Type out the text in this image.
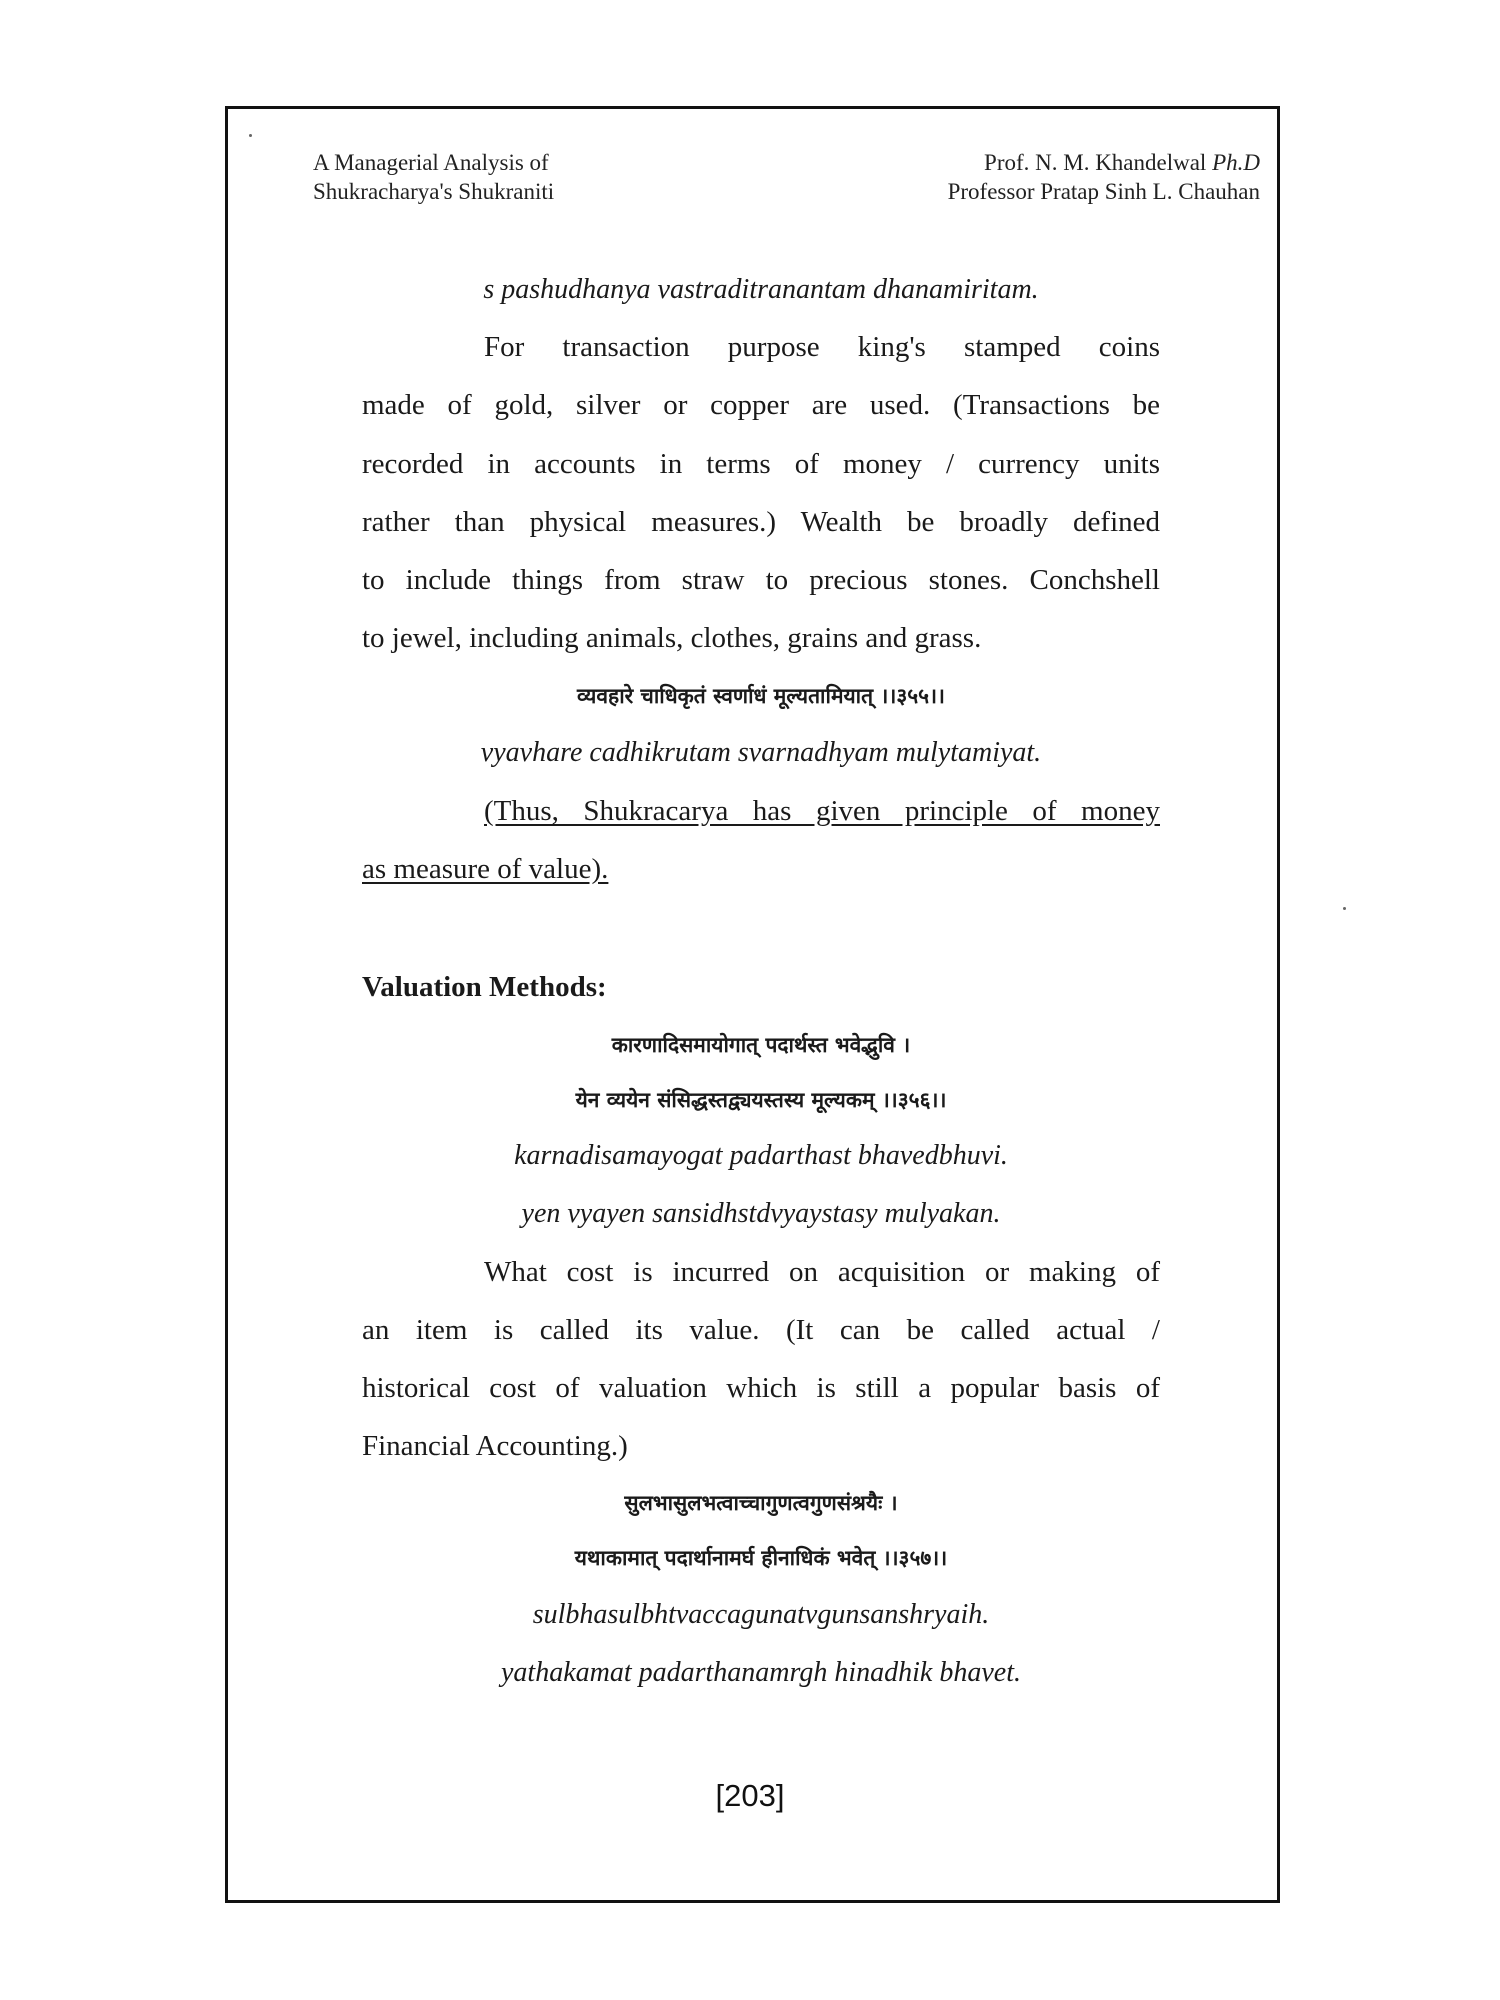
A Managerial Analysis of
Shukracharya's Shukraniti
Prof. N. M. Khandelwal Ph.D
Professor Pratap Sinh L. Chauhan
s pashudhanya vastraditranantam dhanamiritam.
For transaction purpose king's stamped coins
made of gold, silver or copper are used. (Transactions be
recorded in accounts in terms of money / currency units
rather than physical measures.) Wealth be broadly defined
to include things from straw to precious stones. Conchshell
to jewel, including animals, clothes, grains and grass.
व्यवहारे चाधिकृतं स्वर्णाधं मूल्यतामियात् ।।३५५।।
vyavhare cadhikrutam svarnadhyam mulytamiyat.
(Thus, Shukracarya has given principle of money
as measure of value).
Valuation Methods:
कारणादिसमायोगात् पदार्थस्त भवेद्भुवि ।
येन व्ययेन संसिद्धस्तद्व्ययस्तस्य मूल्यकम् ।।३५६।।
karnadisamayogat padarthast bhavedbhuvi.
yen vyayen sansidhstdvyaystasy mulyakan.
What cost is incurred on acquisition or making of
an item is called its value. (It can be called actual /
historical cost of valuation which is still a popular basis of
Financial Accounting.)
सुलभासुलभत्वाच्चागुणत्वगुणसंश्रयैः ।
यथाकामात् पदार्थानामर्घ हीनाधिकं भवेत् ।।३५७।।
sulbhasulbhtvaccagunatvgunsanshryaih.
yathakamat padarthanamrgh hinadhik bhavet.
[203]
